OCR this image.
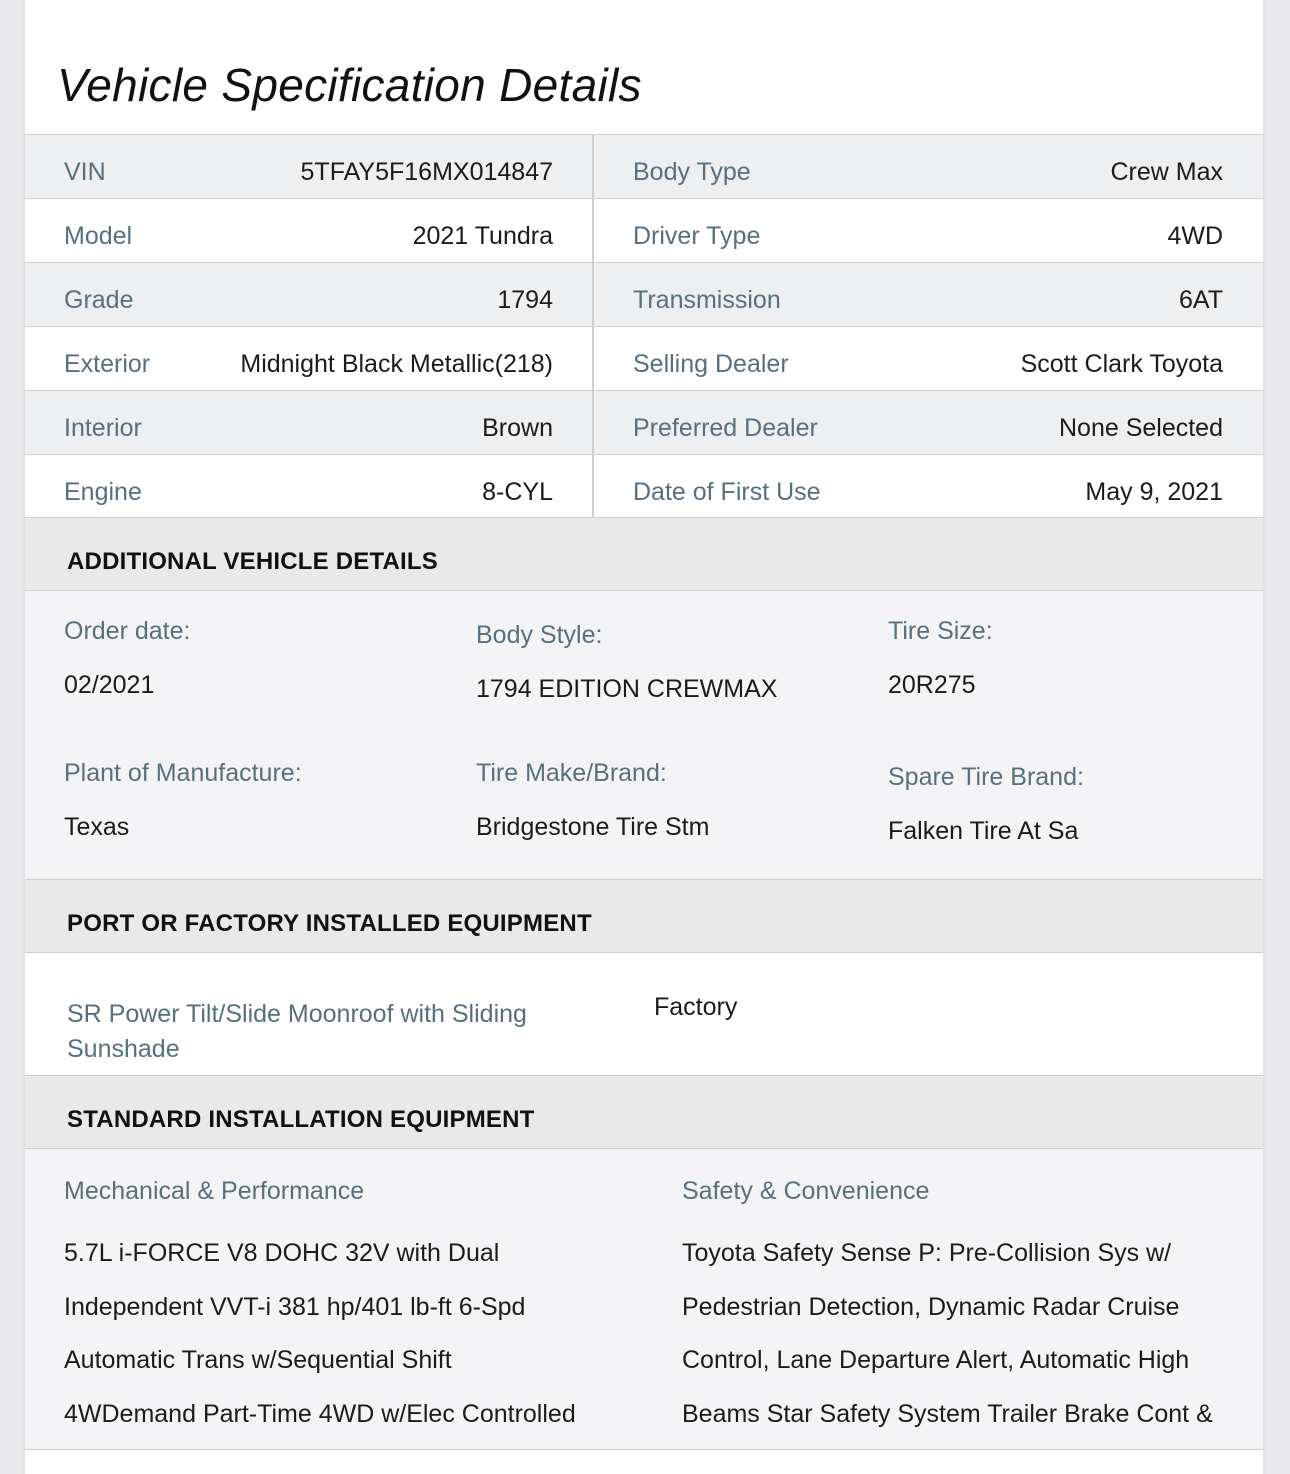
Vehicle Specification Details
VIN	5TFAY5F16MX014847	Body Type	Crew Max
Model	2021 Tundra	Driver Type	4WD
Grade	1794	Transmission	6AT
Exterior	Midnight Black Metallic(218)	Selling Dealer	Scott Clark Toyota
Interior	Brown	Preferred Dealer	None Selected
Engine	8-CYL	Date of First Use	May 9, 2021
ADDITIONAL VEHICLE DETAILS
Order date:
02/2021
Body Style:
1794 EDITION CREWMAX
Tire Size:
20R275
Plant of Manufacture:
Texas
Tire Make/Brand:
Bridgestone Tire Stm
Spare Tire Brand:
Falken Tire At Sa
PORT OR FACTORY INSTALLED EQUIPMENT
SR Power Tilt/Slide Moonroof with Sliding Sunshade
Factory
STANDARD INSTALLATION EQUIPMENT
Mechanical & Performance
5.7L i-FORCE V8 DOHC 32V with Dual
Independent VVT-i 381 hp/401 lb-ft 6-Spd
Automatic Trans w/Sequential Shift
4WDemand Part-Time 4WD w/Elec Controlled
Safety & Convenience
Toyota Safety Sense P: Pre-Collision Sys w/
Pedestrian Detection, Dynamic Radar Cruise
Control, Lane Departure Alert, Automatic High
Beams Star Safety System Trailer Brake Cont &
